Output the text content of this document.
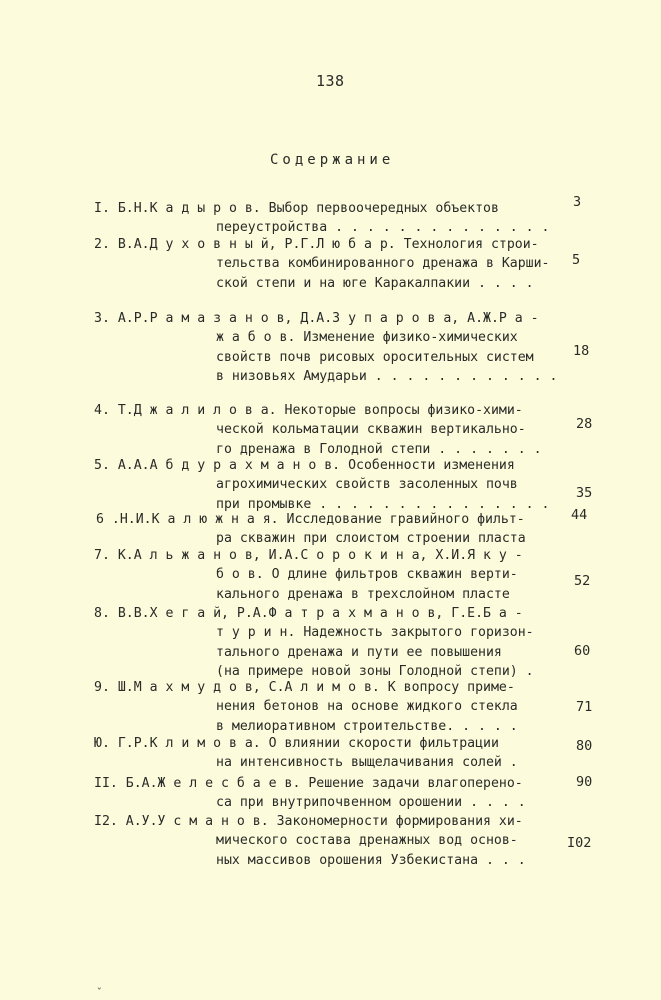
138
Содержание
I. Б.Н.К а д ы р о в. Выбор первоочередных объектов
переустройства . . . . . . . . . . . . . .
3
2. В.А.Д у х о в н ы й, Р.Г.Л ю б а р. Технология строи-
тельства комбинированного дренажа в Карши-
ской степи и на юге Каракалпакии . . . .
5
3. А.Р.Р а м а з а н о в, Д.А.З у п а р о в а, А.Ж.Р а -
ж а б о в. Изменение физико-химических
свойств почв рисовых оросительных систем
в низовьях Амударьи . . . . . . . . . . . .
18
4. Т.Д ж а л и л о в а. Некоторые вопросы физико-хими-
ческой кольматации скважин вертикально-
го дренажа в Голодной степи . . . . . . .
28
5. А.А.А б д у р а х м а н о в. Особенности изменения
агрохимических свойств засоленных почв
при промывке . . . . . . . . . . . . . . .
35
6 .Н.И.К а л ю ж н а я. Исследование гравийного фильт-
ра скважин при слоистом строении пласта
44
7. К.А л ь ж а н о в, И.А.С о р о к и н а, Х.И.Я к у -
б о в. О длине фильтров скважин верти-
кального дренажа в трехслойном пласте
52
8. В.В.Х е г а й, Р.А.Ф а т р а х м а н о в, Г.Е.Б а -
т у р и н. Надежность закрытого горизон-
тального дренажа и пути ее повышения
(на примере новой зоны Голодной степи) .
60
9. Ш.М а х м у д о в, С.А л и м о в. К вопросу приме-
нения бетонов на основе жидкого стекла
в мелиоративном строительстве. . . . .
71
Ю. Г.Р.К л и м о в а. О влиянии скорости фильтрации
на интенсивность выщелачивания солей .
80
II. Б.А.Ж е л е с б а е в. Решение задачи влагоперено-
са при внутрипочвенном орошении . . . .
90
I2. А.У.У с м а н о в. Закономерности формирования хи-
мического состава дренажных вод основ-
ных массивов орошения Узбекистана . . .
I02
ˇ
